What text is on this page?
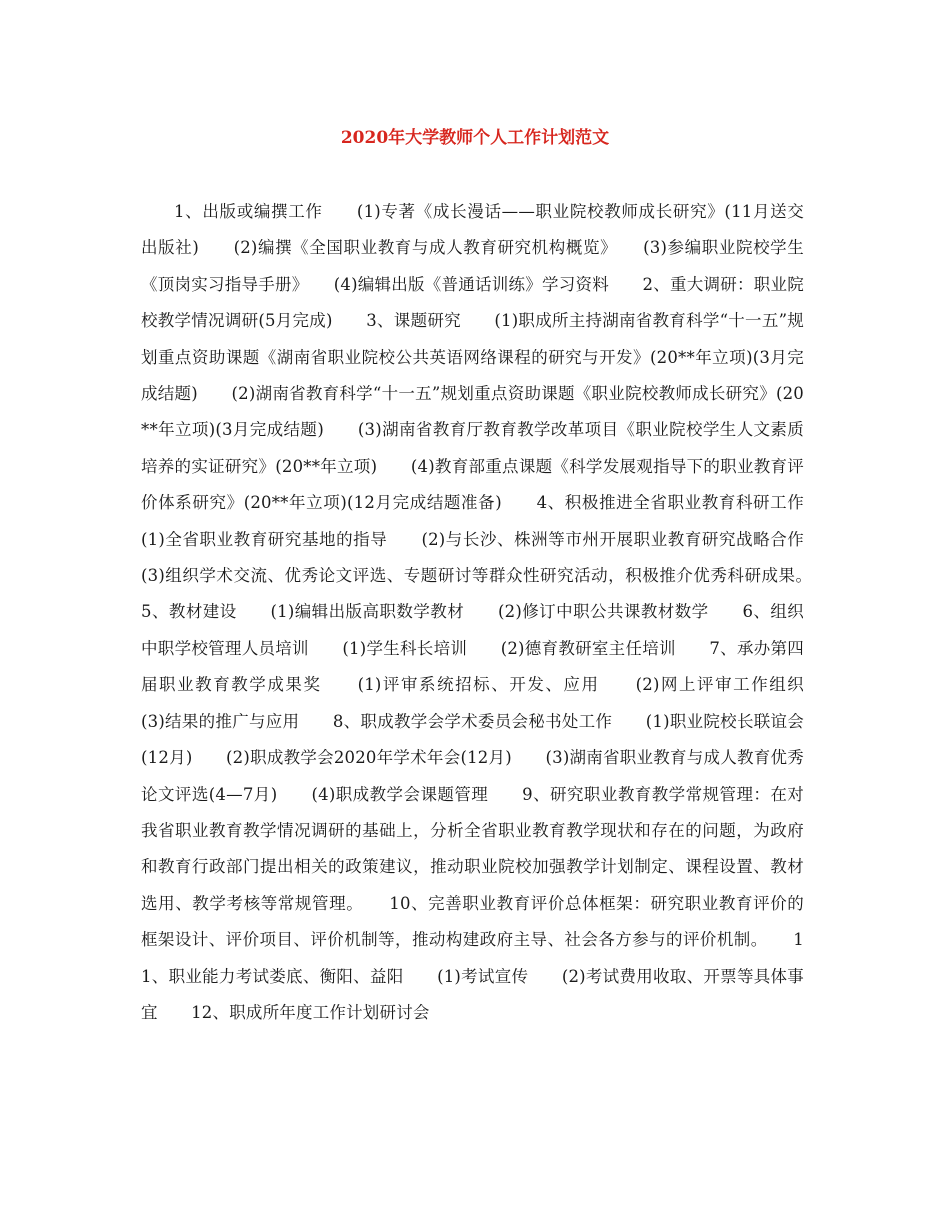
2020年大学教师个人工作计划范文

1、出版或编撰工作　　(1)专著《成长漫话——职业院校教师成长研究》(11月送交出版社)　　(2)编撰《全国职业教育与成人教育研究机构概览》　　(3)参编职业院校学生《顶岗实习指导手册》　　(4)编辑出版《普通话训练》学习资料　　2、重大调研：职业院校教学情况调研(5月完成)　　3、课题研究　　(1)职成所主持湖南省教育科学“十一五”规划重点资助课题《湖南省职业院校公共英语网络课程的研究与开发》(20**年立项)(3月完成结题)　　(2)湖南省教育科学“十一五”规划重点资助课题《职业院校教师成长研究》(20**年立项)(3月完成结题)　　(3)湖南省教育厅教育教学改革项目《职业院校学生人文素质培养的实证研究》(20**年立项)　　(4)教育部重点课题《科学发展观指导下的职业教育评价体系研究》(20**年立项)(12月完成结题准备)　　4、积极推进全省职业教育科研工作　　(1)全省职业教育研究基地的指导　　(2)与长沙、株洲等市州开展职业教育研究战略合作　　(3)组织学术交流、优秀论文评选、专题研讨等群众性研究活动，积极推介优秀科研成果。　　5、教材建设　　(1)编辑出版高职数学教材　　(2)修订中职公共课教材数学　　6、组织中职学校管理人员培训　　(1)学生科长培训　　(2)德育教研室主任培训　　7、承办第四届职业教育教学成果奖　　(1)评审系统招标、开发、应用　　(2)网上评审工作组织　　(3)结果的推广与应用　　8、职成教学会学术委员会秘书处工作　　(1)职业院校长联谊会(12月)　　(2)职成教学会2020年学术年会(12月)　　(3)湖南省职业教育与成人教育优秀论文评选(4—7月)　　(4)职成教学会课题管理　　9、研究职业教育教学常规管理：在对我省职业教育教学情况调研的基础上，分析全省职业教育教学现状和存在的问题，为政府和教育行政部门提出相关的政策建议，推动职业院校加强教学计划制定、课程设置、教材选用、教学考核等常规管理。　　10、完善职业教育评价总体框架：研究职业教育评价的框架设计、评价项目、评价机制等，推动构建政府主导、社会各方参与的评价机制。　　11、职业能力考试娄底、衡阳、益阳　　(1)考试宣传　　(2)考试费用收取、开票等具体事宜　　12、职成所年度工作计划研讨会
